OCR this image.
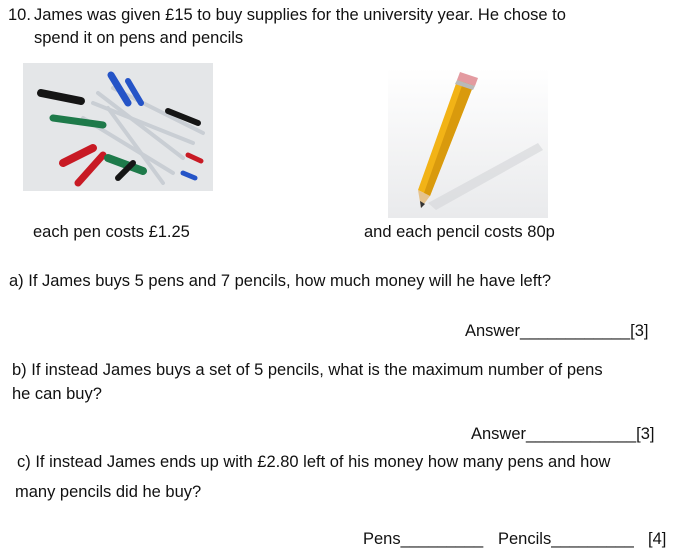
10. James was given £15 to buy supplies for the university year. He chose to
spend it on pens and pencils
each pen costs £1.25	and each pencil costs 80p
a) If James buys 5 pens and 7 pencils, how much money will he have left?
Answer____________[3]
b) If instead James buys a set of 5 pencils, what is the maximum number of pens
he can buy?
Answer____________[3]
c) If instead James ends up with £2.80 left of his money how many pens and how
many pencils did he buy?
Pens_________ Pencils_________ [4]
